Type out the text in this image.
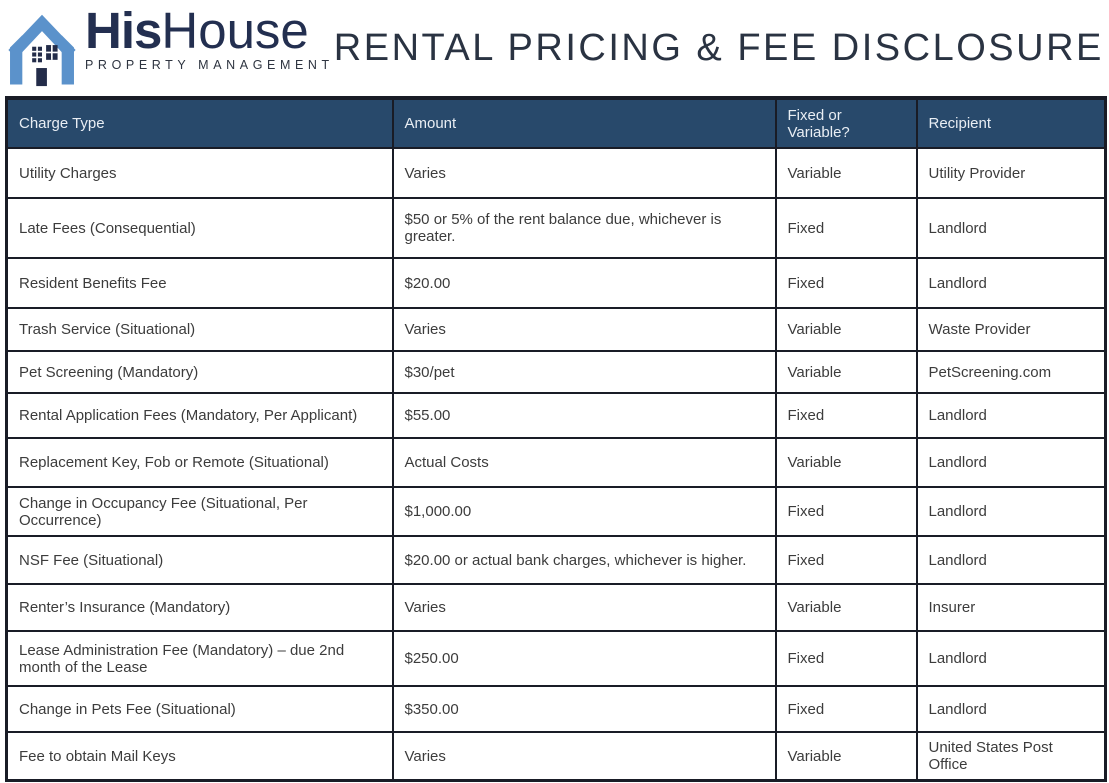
HisHouse
PROPERTY MANAGEMENT RENTAL PRICING & FEE DISCLOSURE
Charge Type	Amount	Fixed or Variable?	Recipient
Utility Charges	Varies	Variable	Utility Provider
Late Fees (Consequential)	$50 or 5% of the rent balance due, whichever is greater.	Fixed	Landlord
Resident Benefits Fee	$20.00	Fixed	Landlord
Trash Service (Situational)	Varies	Variable	Waste Provider
Pet Screening (Mandatory)	$30/pet	Variable	PetScreening.com
Rental Application Fees (Mandatory, Per Applicant)	$55.00	Fixed	Landlord
Replacement Key, Fob or Remote (Situational)	Actual Costs	Variable	Landlord
Change in Occupancy Fee (Situational, Per Occurrence)	$1,000.00	Fixed	Landlord
NSF Fee (Situational)	$20.00 or actual bank charges, whichever is higher.	Fixed	Landlord
Renter’s Insurance (Mandatory)	Varies	Variable	Insurer
Lease Administration Fee (Mandatory) – due 2nd month of the Lease	$250.00	Fixed	Landlord
Change in Pets Fee (Situational)	$350.00	Fixed	Landlord
Fee to obtain Mail Keys	Varies	Variable	United States Post Office
